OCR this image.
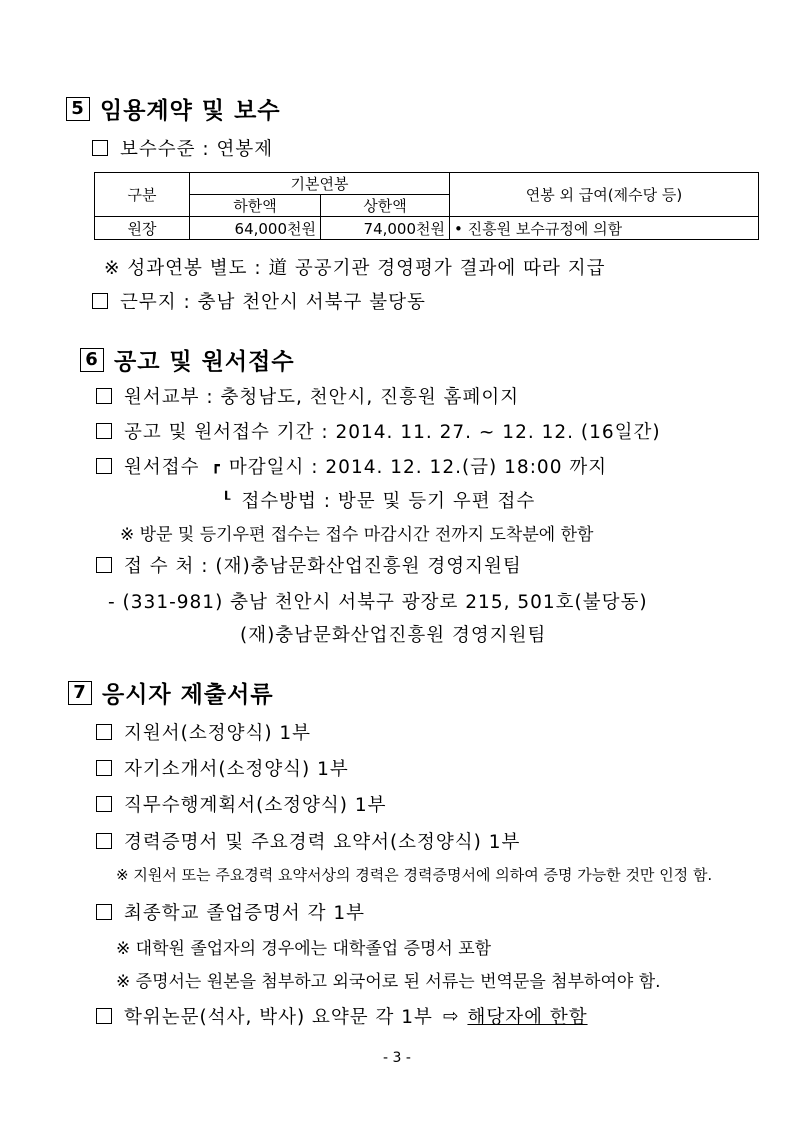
5 임용계약 및 보수
보수수준 : 연봉제
구분	기본연봉		연봉 외 급여(제수당 등)
	하한액	상한액	
원장	64,000천원	74,000천원	• 진흥원 보수규정에 의함
※ 성과연봉 별도 : 道 공공기관 경영평가 결과에 따라 지급
근무지 : 충남 천안시 서북구 불당동
6 공고 및 원서접수
원서교부 : 충청남도, 천안시, 진흥원 홈페이지
공고 및 원서접수 기간 : 2014. 11. 27. ~ 12. 12. (16일간)
원서접수 ┏ 마감일시 : 2014. 12. 12.(금) 18:00 까지
┖ 접수방법 : 방문 및 등기 우편 접수
※ 방문 및 등기우편 접수는 접수 마감시간 전까지 도착분에 한함
접 수 처 : (재)충남문화산업진흥원 경영지원팀
- (331-981) 충남 천안시 서북구 광장로 215, 501호(불당동)
(재)충남문화산업진흥원 경영지원팀
7 응시자 제출서류
지원서(소정양식) 1부
자기소개서(소정양식) 1부
직무수행계획서(소정양식) 1부
경력증명서 및 주요경력 요약서(소정양식) 1부
※ 지원서 또는 주요경력 요약서상의 경력은 경력증명서에 의하여 증명 가능한 것만 인정 함.
최종학교 졸업증명서 각 1부
※ 대학원 졸업자의 경우에는 대학졸업 증명서 포함
※ 증명서는 원본을 첨부하고 외국어로 된 서류는 번역문을 첨부하여야 함.
학위논문(석사, 박사) 요약문 각 1부 ⇨ 해당자에 한함
- 3 -
